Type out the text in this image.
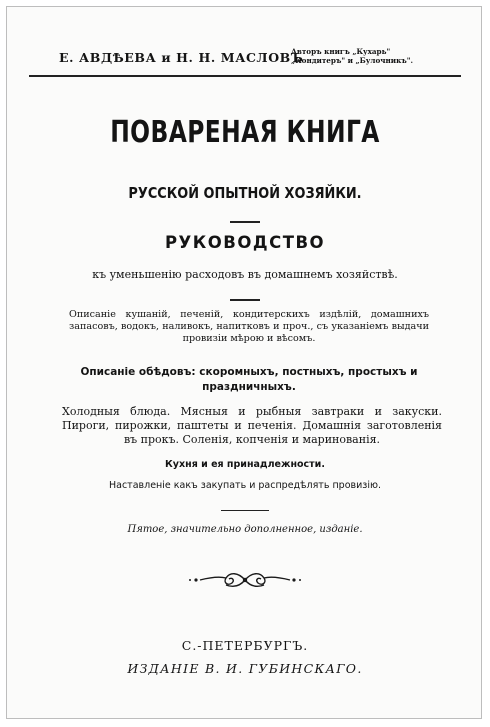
Е. АВДѢЕВА и Н. Н. МАСЛОВЪ
Авторъ книгъ „Кухарь"
„Кондитеръ" и „Булочникъ".
ПОВАРЕНАЯ КНИГА
РУССКОЙ ОПЫТНОЙ ХОЗЯЙКИ.
РУКОВОДСТВО
къ уменьшенію расходовъ въ домашнемъ хозяйствѣ.
Описаніе кушаній, печеній, кондитерскихъ издѣлій, домашнихъ запасовъ, водокъ, наливокъ, напитковъ и проч., съ указаніемъ выдачи провизіи мѣрою и вѣсомъ.
Описаніе обѣдовъ: скоромныхъ, постныхъ, простыхъ и
праздничныхъ.
Холодныя блюда. Мясныя и рыбныя завтраки и закуски. Пироги, пирожки, паштеты и печенія. Домашнія заготовленія въ прокъ. Соленія, копченія и маринованія.
Кухня и ея принадлежности.
Наставленіе какъ закупать и распредѣлять провизію.
Пятое, значительно дополненное, изданіе.
С.-ПЕТЕРБУРГЪ.
ИЗДАНІЕ В. И. ГУБИНСКАГО.
